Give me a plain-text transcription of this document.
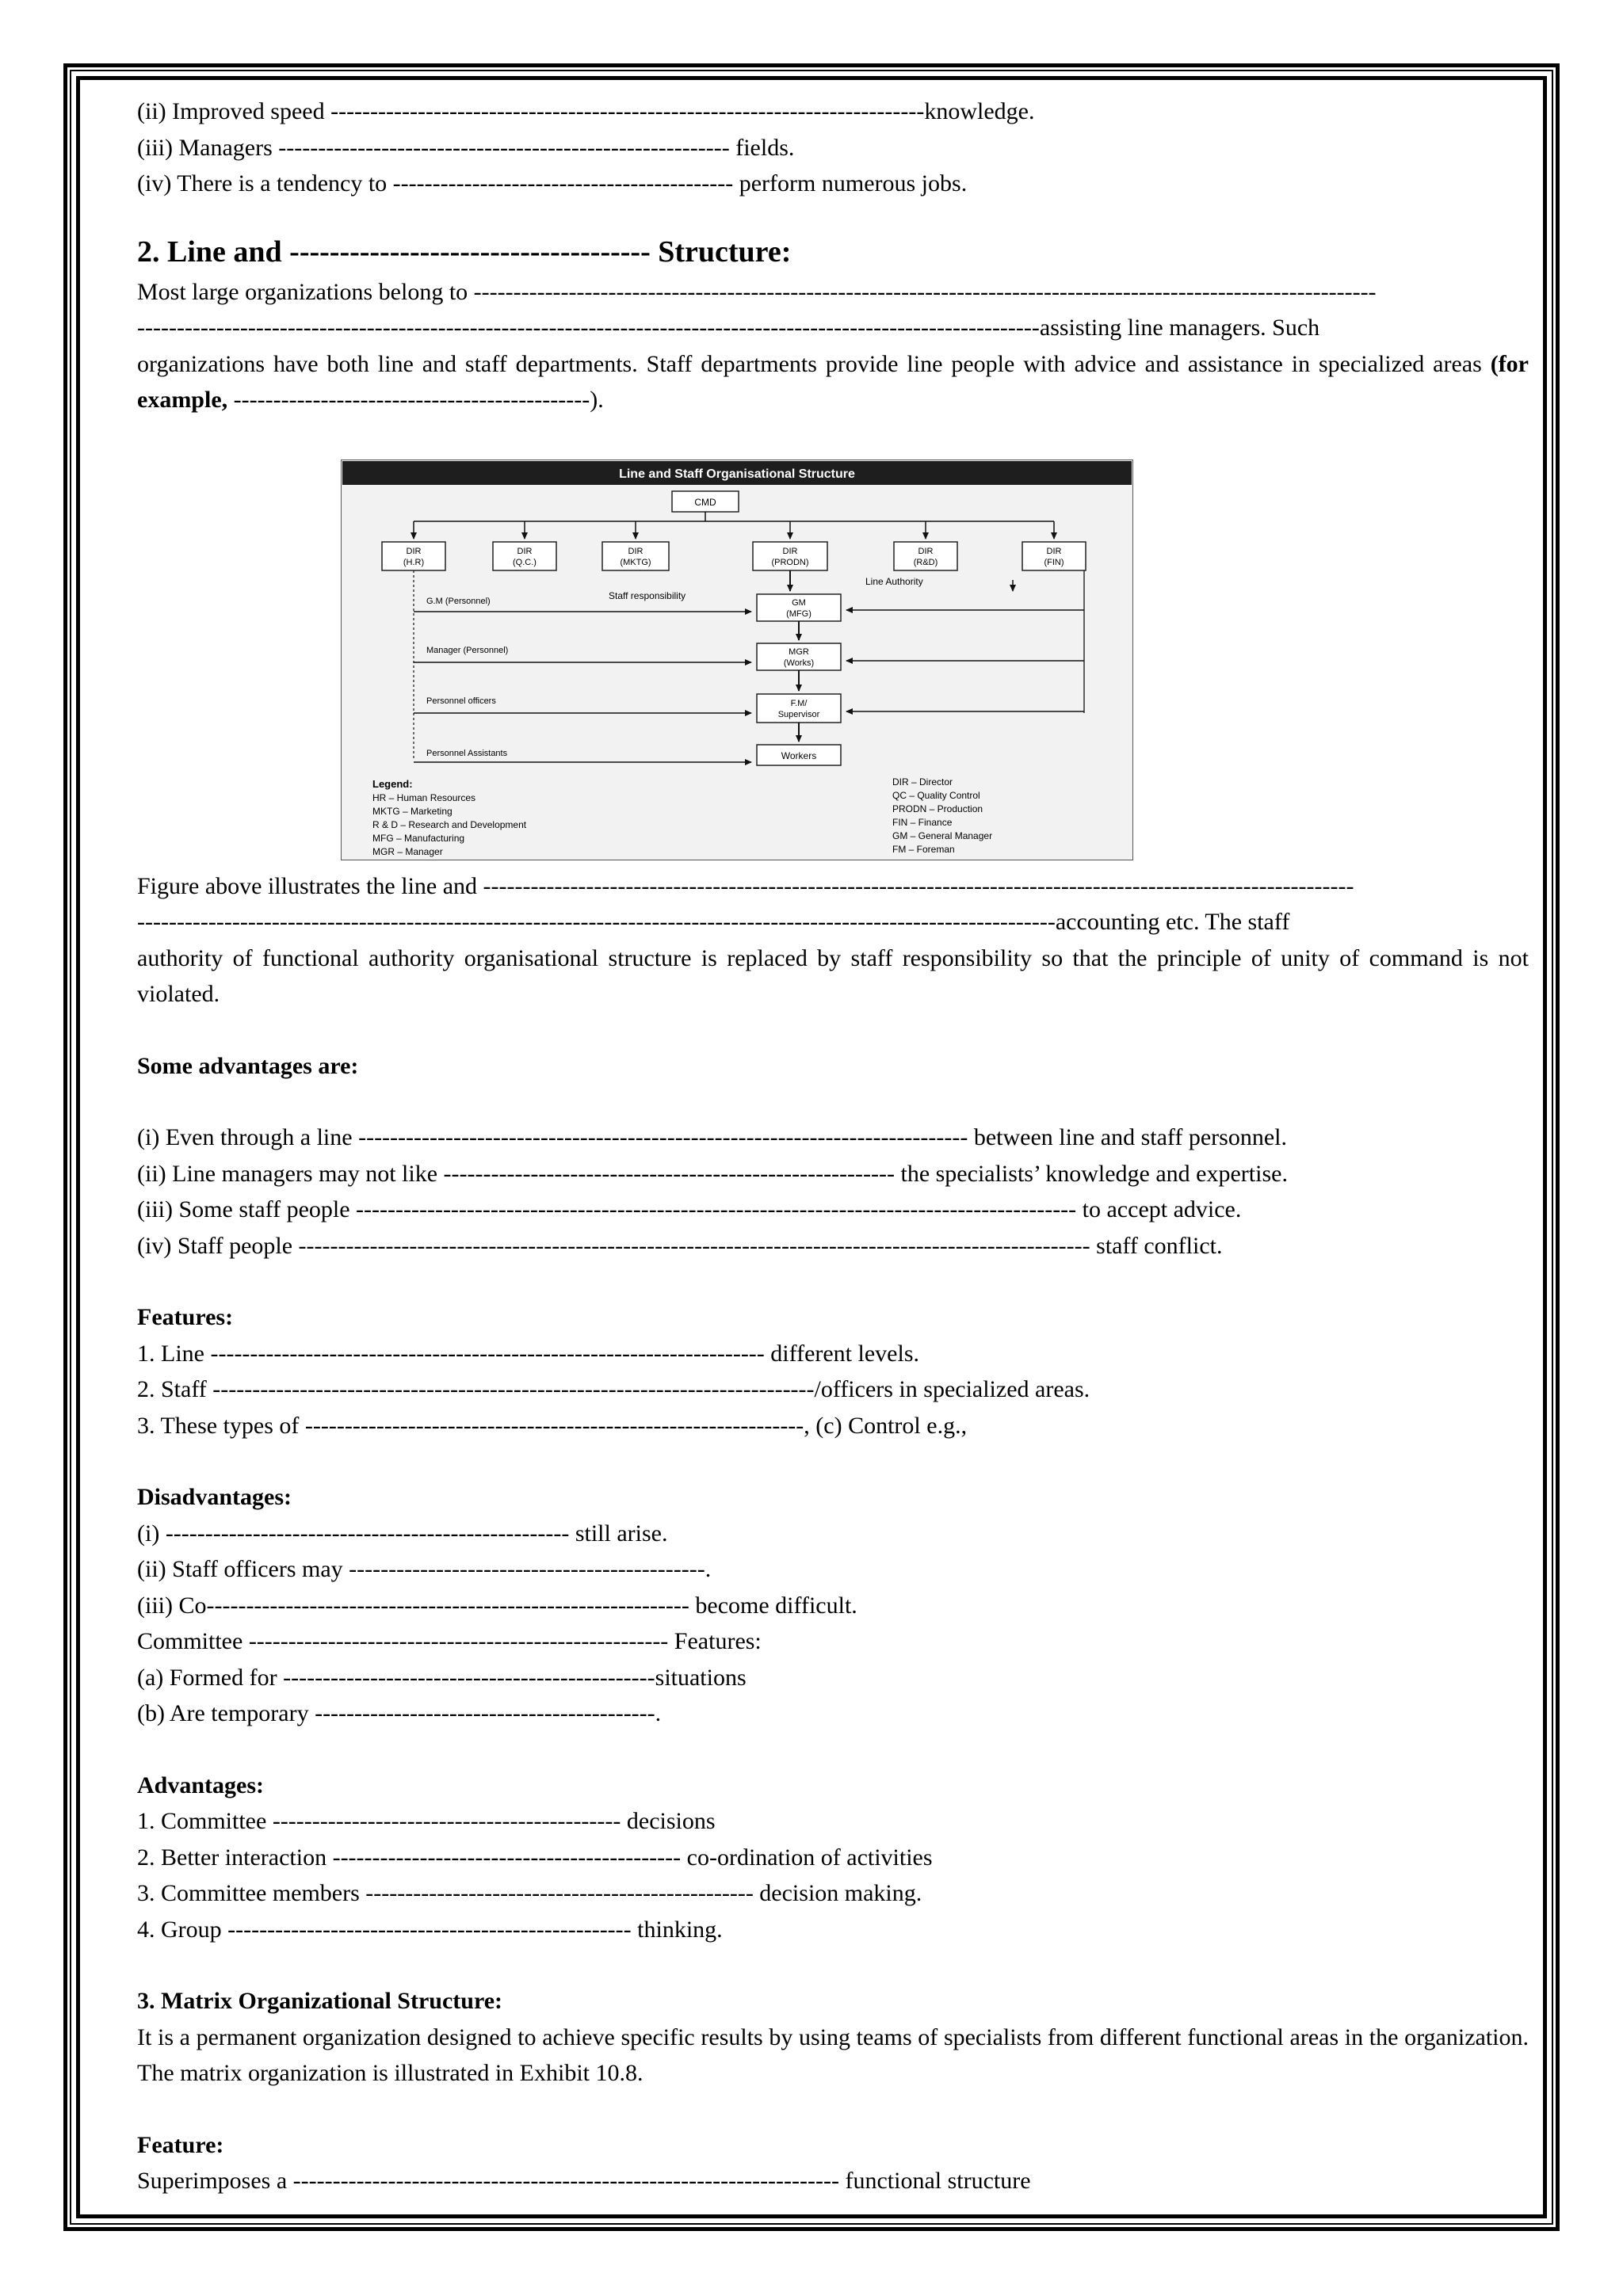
(ii) Improved speed ---------------------------------------------------------------------------knowledge.
(iii) Managers --------------------------------------------------------- fields.
(iv) There is a tendency to ------------------------------------------- perform numerous jobs.
2. Line and ------------------------------------ Structure:
Most large organizations belong to ------------------------------------------------------------------------------------------------------------------
------------------------------------------------------------------------------------------------------------------assisting line managers. Such
organizations have both line and staff departments. Staff departments provide line people with advice and assistance in specialized areas (for example, ---------------------------------------------).
Line and Staff Organisational Structure
CMD
DIR
(H.R)
DIR
(Q.C.)
DIR
(MKTG)
DIR
(PRODN)
DIR
(R&D)
DIR
(FIN)
Line Authority
GM
(MFG)
MGR
(Works)
F.M/
Supervisor
Workers
G.M (Personnel)	Staff responsibility
Manager (Personnel)
Personnel officers
Personnel Assistants
Legend:
HR – Human Resources
MKTG – Marketing
R & D – Research and Development
MFG – Manufacturing
MGR – Manager
DIR – Director
QC – Quality Control
PRODN – Production
FIN – Finance
GM – General Manager
FM – Foreman
Figure above illustrates the line and --------------------------------------------------------------------------------------------------------------
--------------------------------------------------------------------------------------------------------------------accounting etc. The staff
authority of functional authority organisational structure is replaced by staff responsibility so that the principle of unity of command is not violated.
Some advantages are:
(i) Even through a line ----------------------------------------------------------------------------- between line and staff personnel.
(ii) Line managers may not like --------------------------------------------------------- the specialists’ knowledge and expertise.
(iii) Some staff people ------------------------------------------------------------------------------------------- to accept advice.
(iv) Staff people ---------------------------------------------------------------------------------------------------- staff conflict.
Features:
1. Line ---------------------------------------------------------------------- different levels.
2. Staff ----------------------------------------------------------------------------/officers in specialized areas.
3. These types of ---------------------------------------------------------------, (c) Control e.g.,
Disadvantages:
(i) --------------------------------------------------- still arise.
(ii) Staff officers may ---------------------------------------------.
(iii) Co------------------------------------------------------------- become difficult.
Committee ----------------------------------------------------- Features:
(a) Formed for -----------------------------------------------situations
(b) Are temporary -------------------------------------------.
Advantages:
1. Committee -------------------------------------------- decisions
2. Better interaction -------------------------------------------- co-ordination of activities
3. Committee members ------------------------------------------------- decision making.
4. Group --------------------------------------------------- thinking.
3. Matrix Organizational Structure:
It is a permanent organization designed to achieve specific results by using teams of specialists from different functional areas in the organization. The matrix organization is illustrated in Exhibit 10.8.
Feature:
Superimposes a --------------------------------------------------------------------- functional structure
